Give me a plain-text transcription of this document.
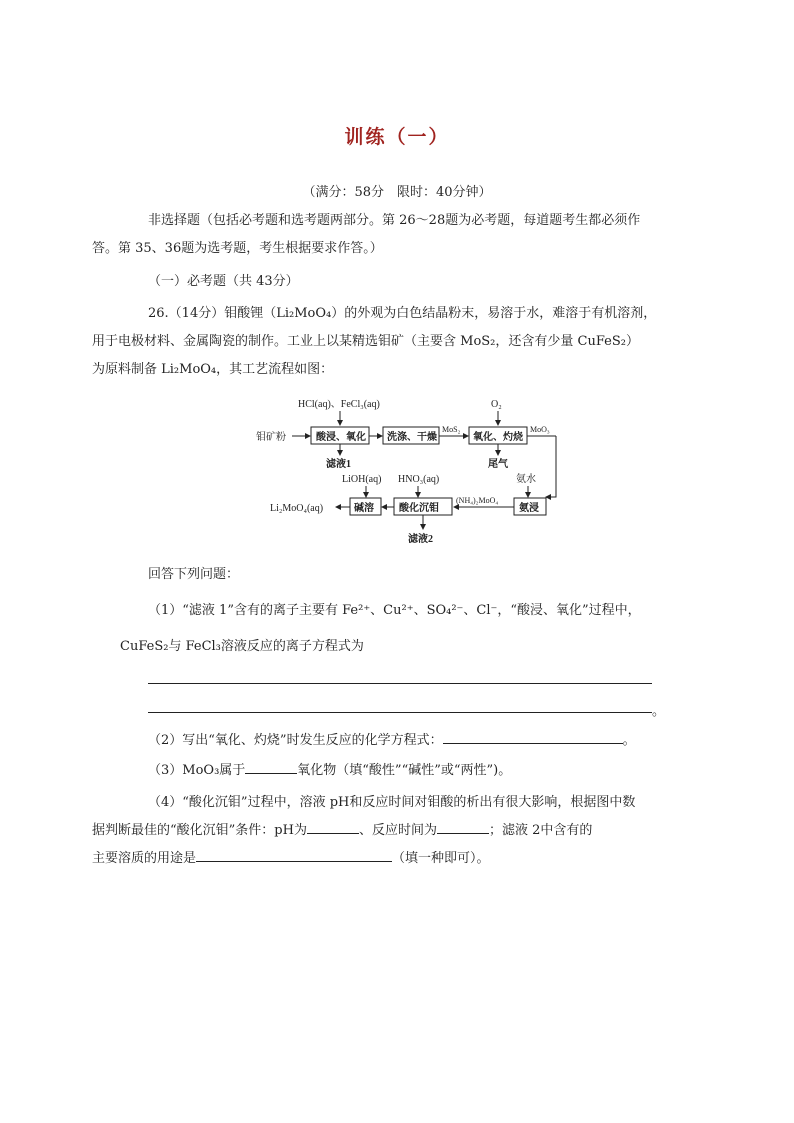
训练（一）
（满分：58分　限时：40分钟）
非选择题（包括必考题和选考题两部分。第 26～28题为必考题，每道题考生都必须作
答。第 35、36题为选考题，考生根据要求作答。）
（一）必考题（共 43分）
26.（14分）钼酸锂（Li₂MoO₄）的外观为白色结晶粉末，易溶于水，难溶于有机溶剂，
用于电极材料、金属陶瓷的制作。工业上以某精选钼矿（主要含 MoS₂，还含有少量 CuFeS₂）
为原料制备 Li₂MoO₄，其工艺流程如图：
HCl(aq)、FeCl₃(aq)	O₂
钼矿粉	酸浸、氧化 洗涤、干燥
MoS₂
氧化、灼烧
MoO₃
滤液1	尾气
LiOH(aq) HNO₃(aq)	氨水
氨浸
(NH₄)₂MoO₄
酸化沉钼
碱溶
Li₂MoO₄(aq)
滤液2
回答下列问题：
（1）“滤液 1”含有的离子主要有 Fe²⁺、Cu²⁺、SO₄²⁻、Cl⁻，“酸浸、氧化”过程中，
CuFeS₂与 FeCl₃溶液反应的离子方程式为
。
（2）写出“氧化、灼烧”时发生反应的化学方程式：	。
（3）MoO₃属于	氧化物（填“酸性”“碱性”或“两性”)。
（4）“酸化沉钼”过程中，溶液 pH和反应时间对钼酸的析出有很大影响，根据图中数
据判断最佳的“酸化沉钼”条件：pH为	、反应时间为	；滤液 2中含有的
主要溶质的用途是	（填一种即可）。
